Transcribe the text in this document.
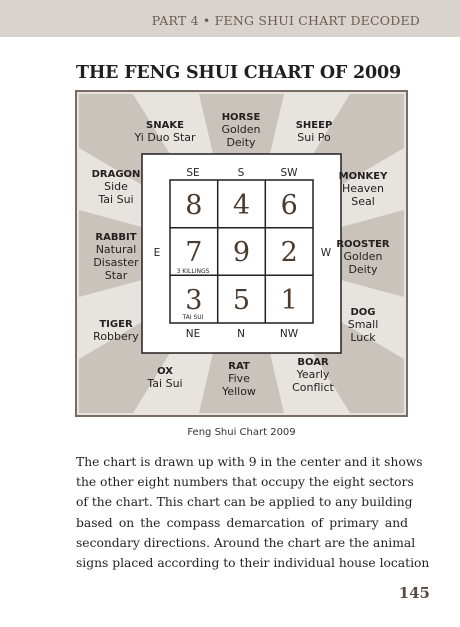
PART 4 • FENG SHUI CHART DECODED
THE FENG SHUI CHART OF 2009
SE	S	SW
NE	N	NW
E	W
8 4 6
7 9 2
3 5 1
3 KILLINGS
TAI SUI
SNAKE
Yi Duo Star
HORSE
Golden
Deity
SHEEP
Sui Po
DRAGON
Side
Tai Sui
MONKEY
Heaven
Seal
RABBIT
Natural
Disaster
Star
ROOSTER
Golden
Deity
TIGER
Robbery
DOG
Small
Luck
OX
Tai Sui
RAT
Five
Yellow
BOAR
Yearly
Conflict
Feng Shui Chart 2009

The chart is drawn up with 9 in the center and it shows
the other eight numbers that occupy the eight sectors
of the chart. This chart can be applied to any building
based on the compass demarcation of primary and
secondary directions. Around the chart are the animal
signs placed according to their individual house location

145
